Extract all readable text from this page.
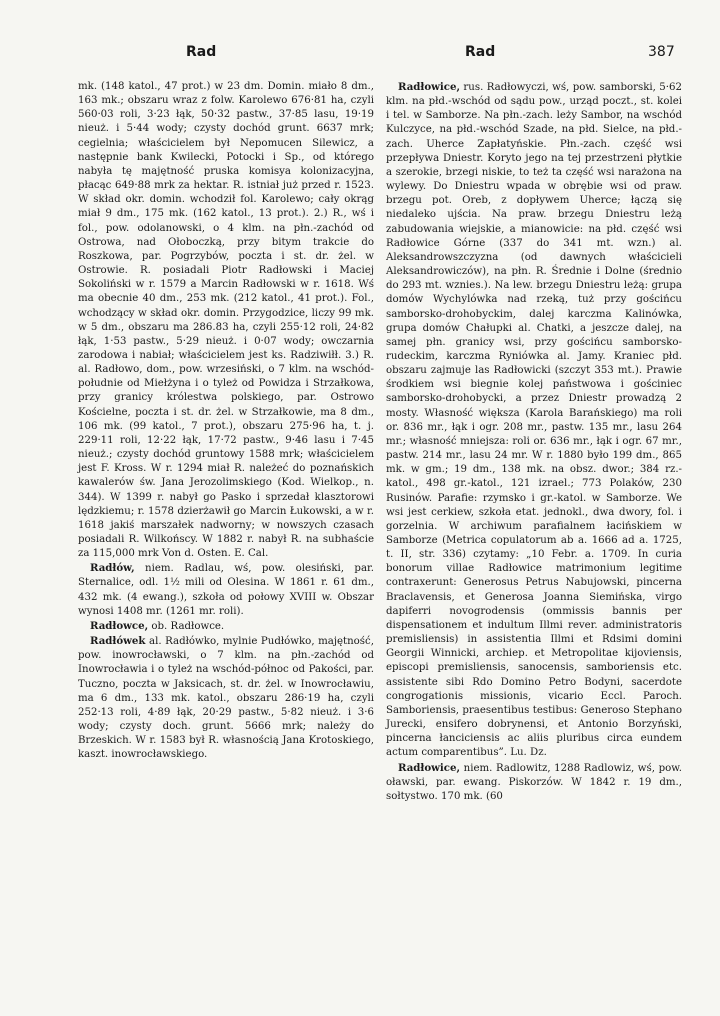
Rad	Rad	387

mk. (148 katol., 47 prot.) w 23 dm. Domin. miało 8 dm., 163 mk.; obszaru wraz z folw. Karolewo 676·81 ha, czyli 560·03 roli, 3·23 łąk, 50·32 pastw., 37·85 lasu, 19·19 nieuż. i 5·44 wody; czysty dochód grunt. 6637 mrk; cegielnia; właścicielem był Nepomucen Silewicz, a następnie bank Kwilecki, Potocki i Sp., od którego nabyła tę majętność pruska komisya kolonizacyjna, płacąc 649·88 mrk za hektar. R. istniał już przed r. 1523. W skład okr. domin. wchodził fol. Karolewo; cały okrąg miał 9 dm., 175 mk. (162 katol., 13 prot.). 2.) R., wś i fol., pow. odolanowski, o 4 klm. na płn.-zachód od Ostrowa, nad Ołoboczką, przy bitym trakcie do Roszkowa, par. Pogrzybów, poczta i st. dr. żel. w Ostrowie. R. posiadali Piotr Radłowski i Maciej Sokoliński w r. 1579 a Marcin Radłowski w r. 1618. Wś ma obecnie 40 dm., 253 mk. (212 katol., 41 prot.). Fol., wchodzący w skład okr. domin. Przygodzice, liczy 99 mk. w 5 dm., obszaru ma 286.83 ha, czyli 255·12 roli, 24·82 łąk, 1·53 pastw., 5·29 nieuż. i 0·07 wody; owczarnia zarodowa i nabiał; właścicielem jest ks. Radziwiłł. 3.) R. al. Radłowo, dom., pow. wrzesiński, o 7 klm. na wschód-południe od Miełżyna i o tyleż od Powidza i Strzałkowa, przy granicy królestwa polskiego, par. Ostrowo Kościelne, poczta i st. dr. żel. w Strzałkowie, ma 8 dm., 106 mk. (99 katol., 7 prot.), obszaru 275·96 ha, t. j. 229·11 roli, 12·22 łąk, 17·72 pastw., 9·46 lasu i 7·45 nieuż.; czysty dochód gruntowy 1588 mrk; właścicielem jest F. Kross. W r. 1294 miał R. należeć do poznańskich kawalerów św. Jana Jerozolimskiego (Kod. Wielkop., n. 344). W 1399 r. nabył go Pasko i sprzedał klasztorowi lędzkiemu; r. 1578 dzierżawił go Marcin Łukowski, a w r. 1618 jakiś marszałek nadworny; w nowszych czasach posiadali R. Wilkońscy. W 1882 r. nabył R. na subhaście za 115,000 mrk Von d. Osten. E. Cal.

Radłów, niem. Radlau, wś, pow. olesiński, par. Sternalice, odl. 1½ mili od Olesina. W 1861 r. 61 dm., 432 mk. (4 ewang.), szkoła od połowy XVIII w. Obszar wynosi 1408 mr. (1261 mr. roli).

Radłowce, ob. Radłowce.

Radłówek al. Radłówko, mylnie Pudłówko, majętność, pow. inowrocławski, o 7 klm. na płn.-zachód od Inowrocławia i o tyleż na wschód-północ od Pakości, par. Tuczno, poczta w Jaksicach, st. dr. żel. w Inowrocławiu, ma 6 dm., 133 mk. katol., obszaru 286·19 ha, czyli 252·13 roli, 4·89 łąk, 20·29 pastw., 5·82 nieuż. i 3·6 wody; czysty doch. grunt. 5666 mrk; należy do Brzeskich. W r. 1583 był R. własnością Jana Krotoskiego, kaszt. inowrocławskiego.

Radłowice, rus. Radłowyczi, wś, pow. samborski, 5·62 klm. na płd.-wschód od sądu pow., urząd poczt., st. kolei i tel. w Samborze. Na płn.-zach. leży Sambor, na wschód Kulczyce, na płd.-wschód Szade, na płd. Sielce, na płd.-zach. Uherce Zapłatyńskie. Płn.-zach. część wsi przepływa Dniestr. Koryto jego na tej przestrzeni płytkie a szerokie, brzegi niskie, to też ta część wsi narażona na wylewy. Do Dniestru wpada w obrębie wsi od praw. brzegu pot. Oreb, z dopływem Uherce; łączą się niedaleko ujścia. Na praw. brzegu Dniestru leżą zabudowania wiejskie, a mianowicie: na płd. część wsi Radłowice Górne (337 do 341 mt. wzn.) al. Aleksandrowszczyzna (od dawnych właścicieli Aleksandrowiczów), na płn. R. Średnie i Dolne (średnio do 293 mt. wznies.). Na lew. brzegu Dniestru leżą: grupa domów Wychylówka nad rzeką, tuż przy gościńcu samborsko-drohobyckim, dalej karczma Kalinówka, grupa domów Chałupki al. Chatki, a jeszcze dalej, na samej płn. granicy wsi, przy gościńcu samborsko-rudeckim, karczma Ryniówka al. Jamy. Kraniec płd. obszaru zajmuje las Radłowicki (szczyt 353 mt.). Prawie środkiem wsi biegnie kolej państwowa i gościniec samborsko-drohobycki, a przez Dniestr prowadzą 2 mosty. Własność większa (Karola Barańskiego) ma roli or. 836 mr., łąk i ogr. 208 mr., pastw. 135 mr., lasu 264 mr.; własność mniejsza: roli or. 636 mr., łąk i ogr. 67 mr., pastw. 214 mr., lasu 24 mr. W r. 1880 było 199 dm., 865 mk. w gm.; 19 dm., 138 mk. na obsz. dwor.; 384 rz.-katol., 498 gr.-katol., 121 izrael.; 773 Polaków, 230 Rusinów. Parafie: rzymsko i gr.-katol. w Samborze. We wsi jest cerkiew, szkoła etat. jednokl., dwa dwory, fol. i gorzelnia. W archiwum parafialnem łacińskiem w Samborze (Metrica copulatorum ab a. 1666 ad a. 1725, t. II, str. 336) czytamy: „10 Febr. a. 1709. In curia bonorum villae Radłowice matrimonium legitime contraxerunt: Generosus Petrus Nabujowski, pincerna Braclavensis, et Generosa Joanna Siemińska, virgo dapiferri novogrodensis (ommissis bannis per dispensationem et indultum Illmi rever. administratoris premisliensis) in assistentia Illmi et Rdsimi domini Georgii Winnicki, archiep. et Metropolitae kijoviensis, episcopi premisliensis, sanocensis, samboriensis etc. assistente sibi Rdo Domino Petro Bodyni, sacerdote congrogationis missionis, vicario Eccl. Paroch. Samboriensis, praesentibus testibus: Generoso Stephano Jurecki, ensifero dobrynensi, et Antonio Borzyński, pincerna łanciciensis ac aliis pluribus circa eundem actum comparentibus”. Lu. Dz.

Radłowice, niem. Radlowitz, 1288 Radlowiz, wś, pow. oławski, par. ewang. Piskorzów. W 1842 r. 19 dm., sołtystwo. 170 mk. (60
